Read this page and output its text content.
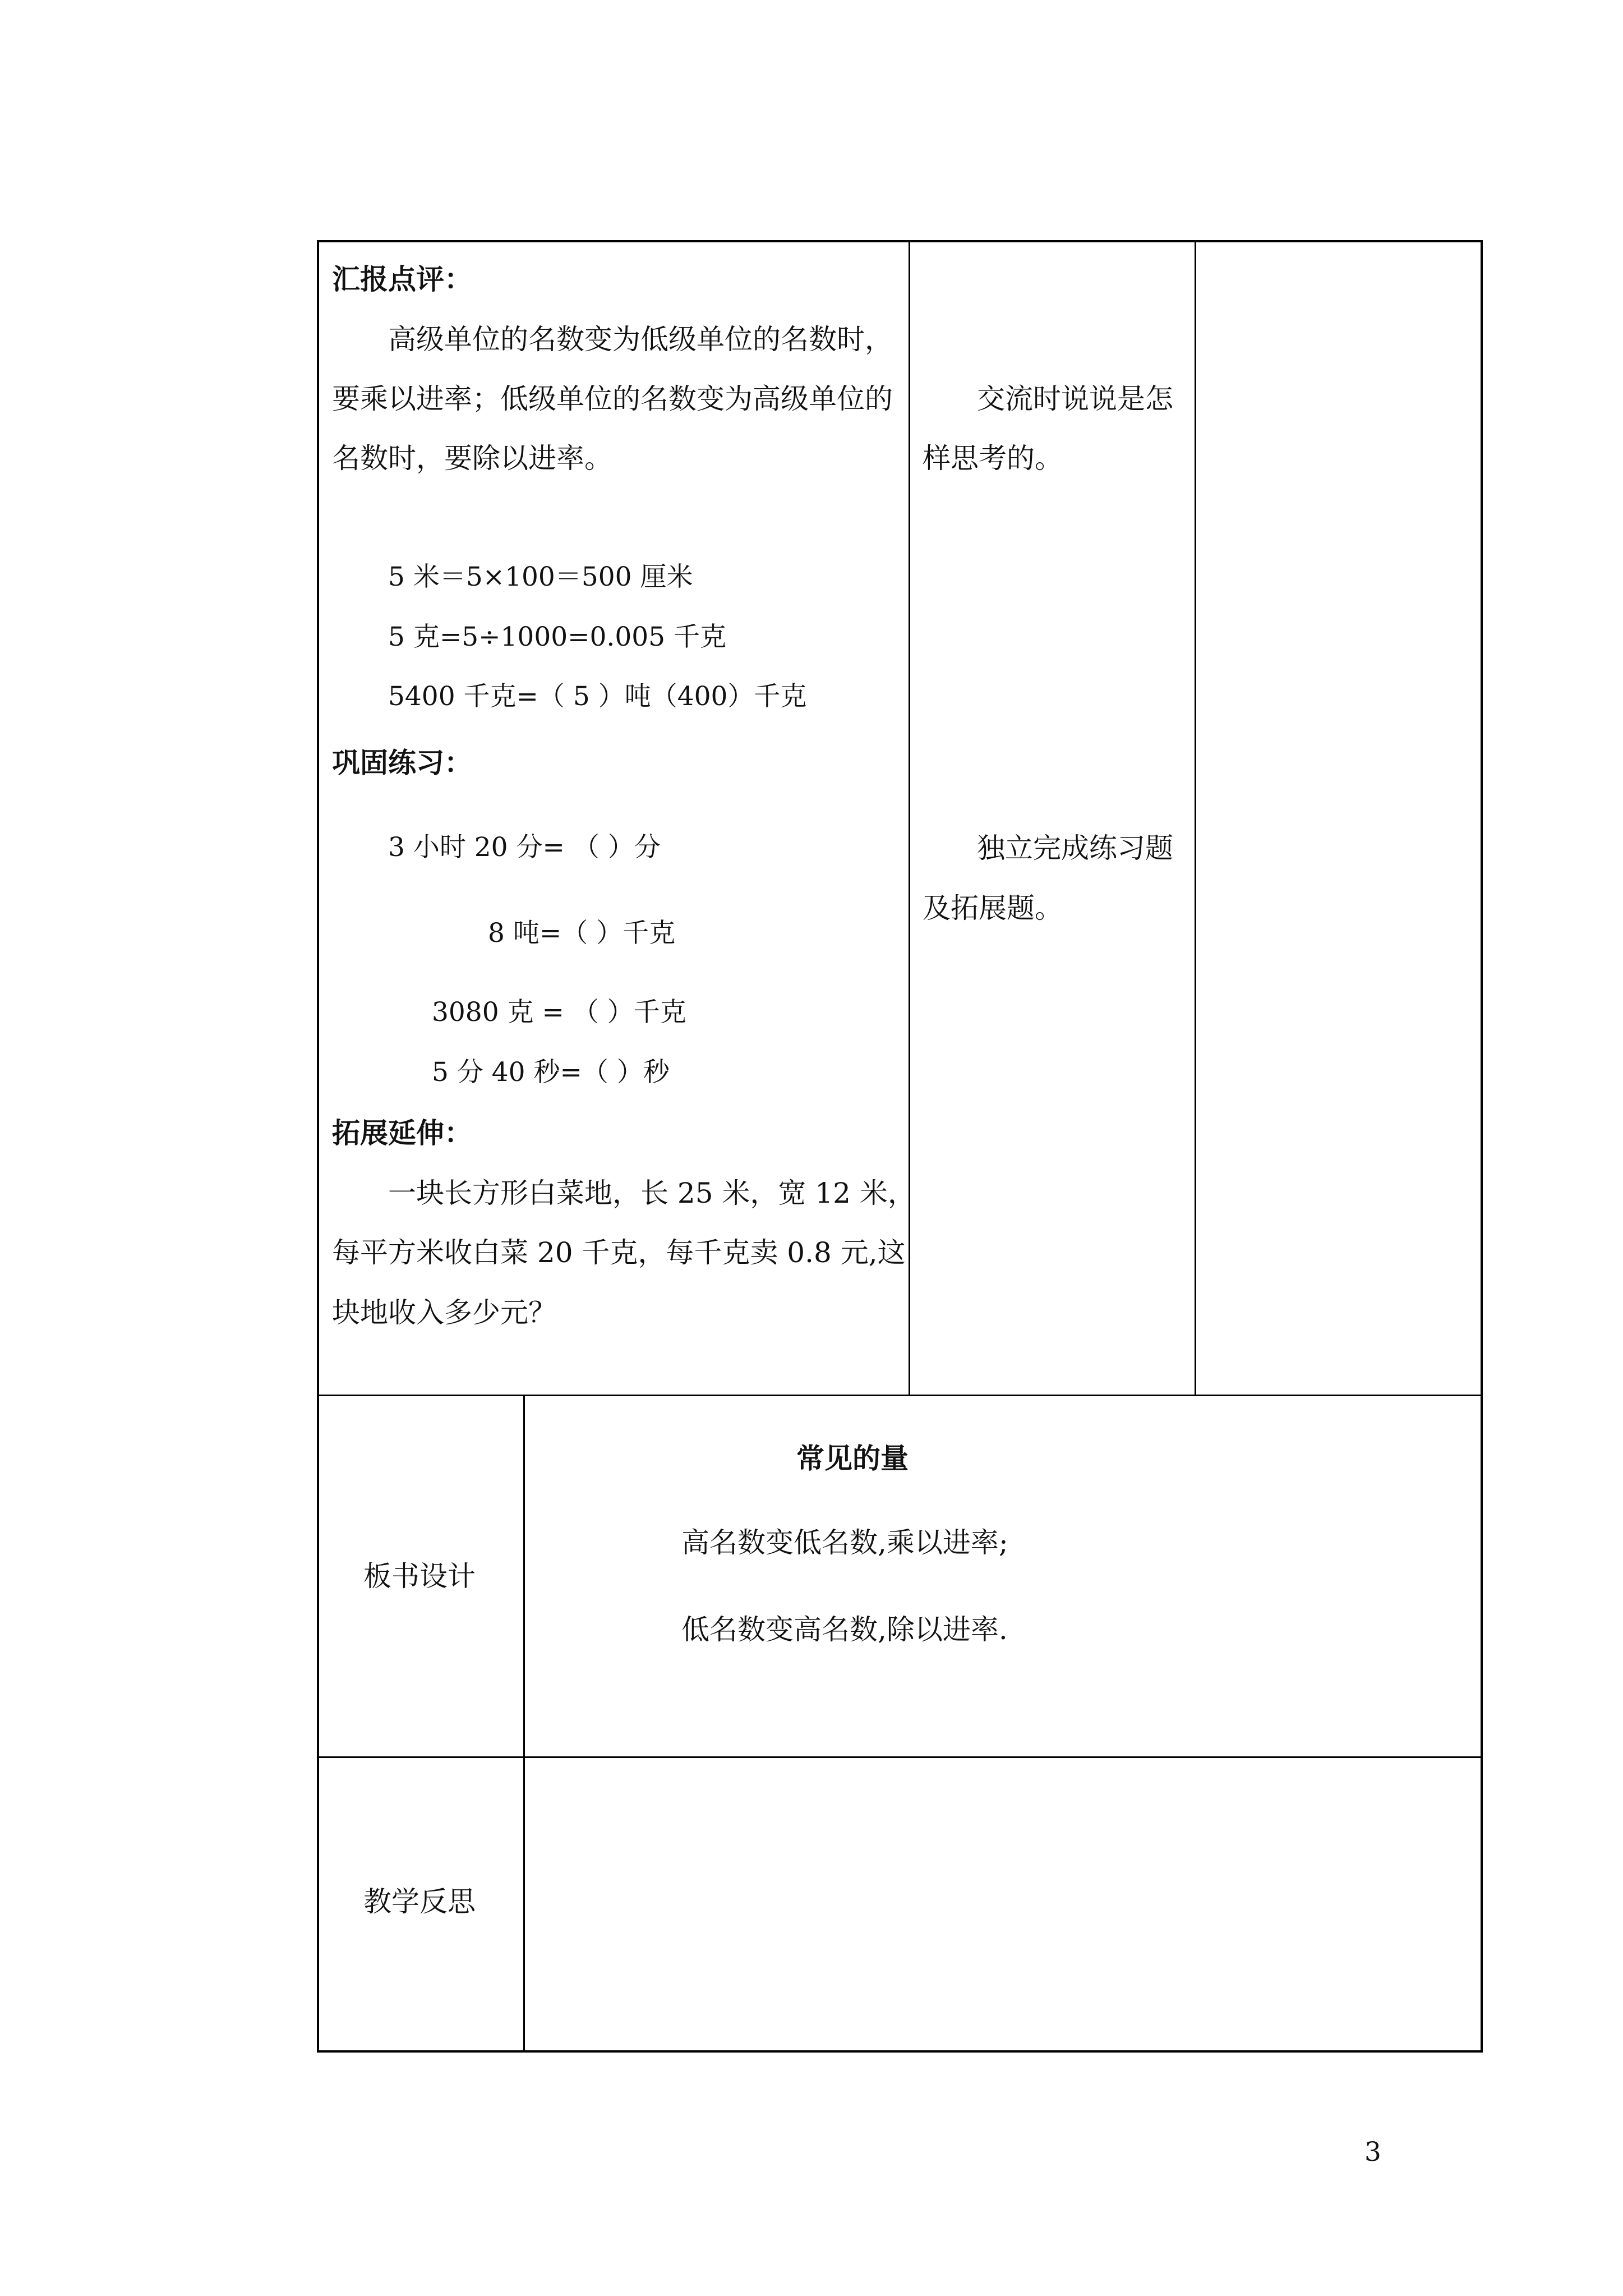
汇报点评：
高级单位的名数变为低级单位的名数时，
要乘以进率；低级单位的名数变为高级单位的
名数时，要除以进率。
5 米＝5×100＝500 厘米
5 克=5÷1000=0.005 千克
5400 千克=（ 5 ）吨（400）千克
巩固练习：
3 小时 20 分= （ ）分
8 吨=（ ）千克
3080 克 = （ ）千克
5 分 40 秒=（ ）秒
拓展延伸：
一块长方形白菜地，长 25 米，宽 12 米，
每平方米收白菜 20 千克，每千克卖 0.8 元,这
块地收入多少元？
交流时说说是怎
样思考的。
独立完成练习题
及拓展题。
板书设计
常见的量
高名数变低名数,乘以进率;
低名数变高名数,除以进率.
教学反思
3
